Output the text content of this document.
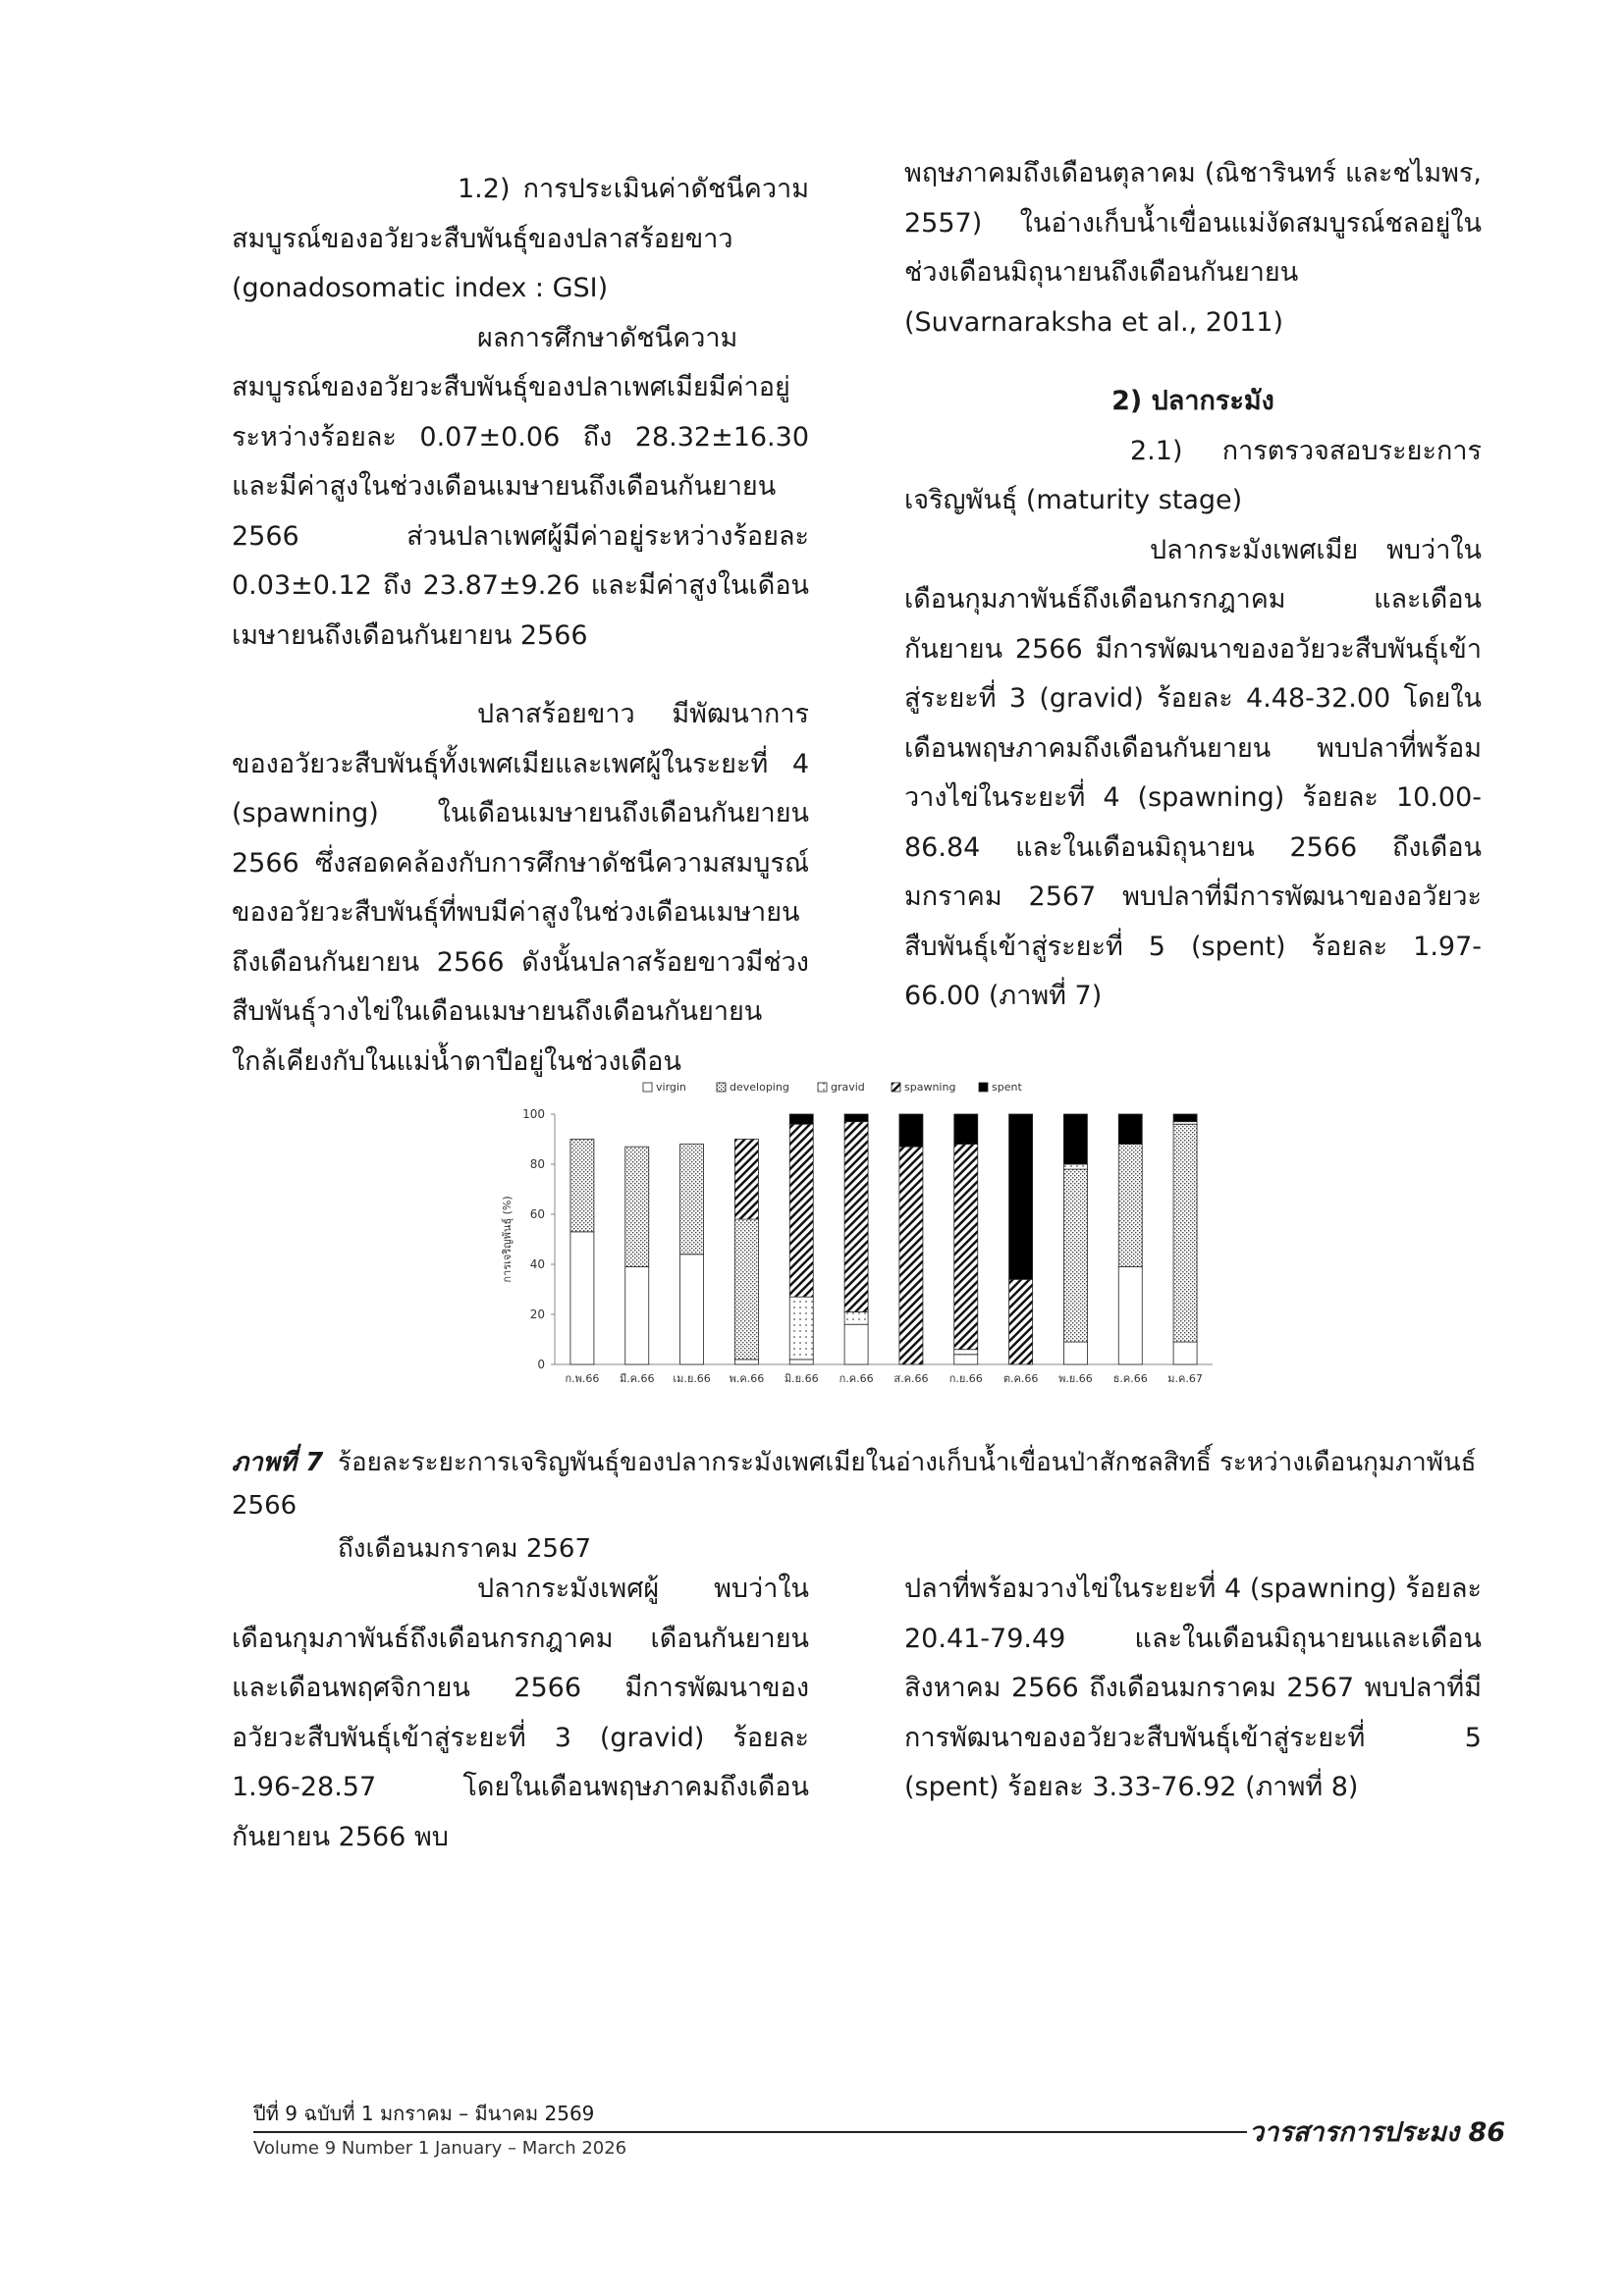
1.2) การประเมินค่าดัชนีความสมบูรณ์ของอวัยวะสืบพันธุ์ของปลาสร้อยขาว (gonadosomatic index : GSI)

ผลการศึกษาดัชนีความสมบูรณ์ของอวัยวะสืบพันธุ์ของปลาเพศเมียมีค่าอยู่ระหว่างร้อยละ 0.07±0.06 ถึง 28.32±16.30 และมีค่าสูงในช่วงเดือนเมษายนถึงเดือนกันยายน 2566 ส่วนปลาเพศผู้มีค่าอยู่ระหว่างร้อยละ 0.03±0.12 ถึง 23.87±9.26 และมีค่าสูงในเดือนเมษายนถึงเดือนกันยายน 2566

ปลาสร้อยขาว มีพัฒนาการของอวัยวะสืบพันธุ์ทั้งเพศเมียและเพศผู้ในระยะที่ 4 (spawning) ในเดือนเมษายนถึงเดือนกันยายน 2566 ซึ่งสอดคล้องกับการศึกษาดัชนีความสมบูรณ์ของอวัยวะสืบพันธุ์ที่พบมีค่าสูงในช่วงเดือนเมษายนถึงเดือนกันยายน 2566 ดังนั้นปลาสร้อยขาวมีช่วงสืบพันธุ์วางไข่ในเดือนเมษายนถึงเดือนกันยายน ใกล้เคียงกับในแม่น้ำตาปีอยู่ในช่วงเดือน

พฤษภาคมถึงเดือนตุลาคม (ณิชารินทร์ และชไมพร, 2557) ในอ่างเก็บน้ำเขื่อนแม่งัดสมบูรณ์ชลอยู่ในช่วงเดือนมิถุนายนถึงเดือนกันยายน (Suvarnaraksha et al., 2011)

2) ปลากระมัง

2.1) การตรวจสอบระยะการเจริญพันธุ์ (maturity stage)

ปลากระมังเพศเมีย พบว่าในเดือนกุมภาพันธ์ถึงเดือนกรกฎาคม และเดือนกันยายน 2566 มีการพัฒนาของอวัยวะสืบพันธุ์เข้าสู่ระยะที่ 3 (gravid) ร้อยละ 4.48-32.00 โดยในเดือนพฤษภาคมถึงเดือนกันยายน พบปลาที่พร้อมวางไข่ในระยะที่ 4 (spawning) ร้อยละ 10.00-86.84 และในเดือนมิถุนายน 2566 ถึงเดือนมกราคม 2567 พบปลาที่มีการพัฒนาของอวัยวะสืบพันธุ์เข้าสู่ระยะที่ 5 (spent) ร้อยละ 1.97-66.00 (ภาพที่ 7)

virgin	developing	gravid	spawning	spent
0
20
40
60
80
100
การเจริญพันธุ์ (%)
ก.พ.66 มี.ค.66 เม.ย.66 พ.ค.66 มิ.ย.66 ก.ค.66 ส.ค.66 ก.ย.66 ต.ค.66 พ.ย.66 ธ.ค.66 ม.ค.67
ภาพที่ 7 ร้อยละระยะการเจริญพันธุ์ของปลากระมังเพศเมียในอ่างเก็บน้ำเขื่อนป่าสักชลสิทธิ์ ระหว่างเดือนกุมภาพันธ์ 2566
ถึงเดือนมกราคม 2567

ปลากระมังเพศผู้ พบว่าในเดือนกุมภาพันธ์ถึงเดือนกรกฎาคม เดือนกันยายน และเดือนพฤศจิกายน 2566 มีการพัฒนาของอวัยวะสืบพันธุ์เข้าสู่ระยะที่ 3 (gravid) ร้อยละ 1.96-28.57 โดยในเดือนพฤษภาคมถึงเดือนกันยายน 2566 พบ

ปลาที่พร้อมวางไข่ในระยะที่ 4 (spawning) ร้อยละ 20.41-79.49 และในเดือนมิถุนายนและเดือนสิงหาคม 2566 ถึงเดือนมกราคม 2567 พบปลาที่มีการพัฒนาของอวัยวะสืบพันธุ์เข้าสู่ระยะที่ 5 (spent) ร้อยละ 3.33-76.92 (ภาพที่ 8)

ปีที่ 9 ฉบับที่ 1 มกราคม – มีนาคม 2569
Volume 9 Number 1 January – March 2026
วารสารการประมง 86
